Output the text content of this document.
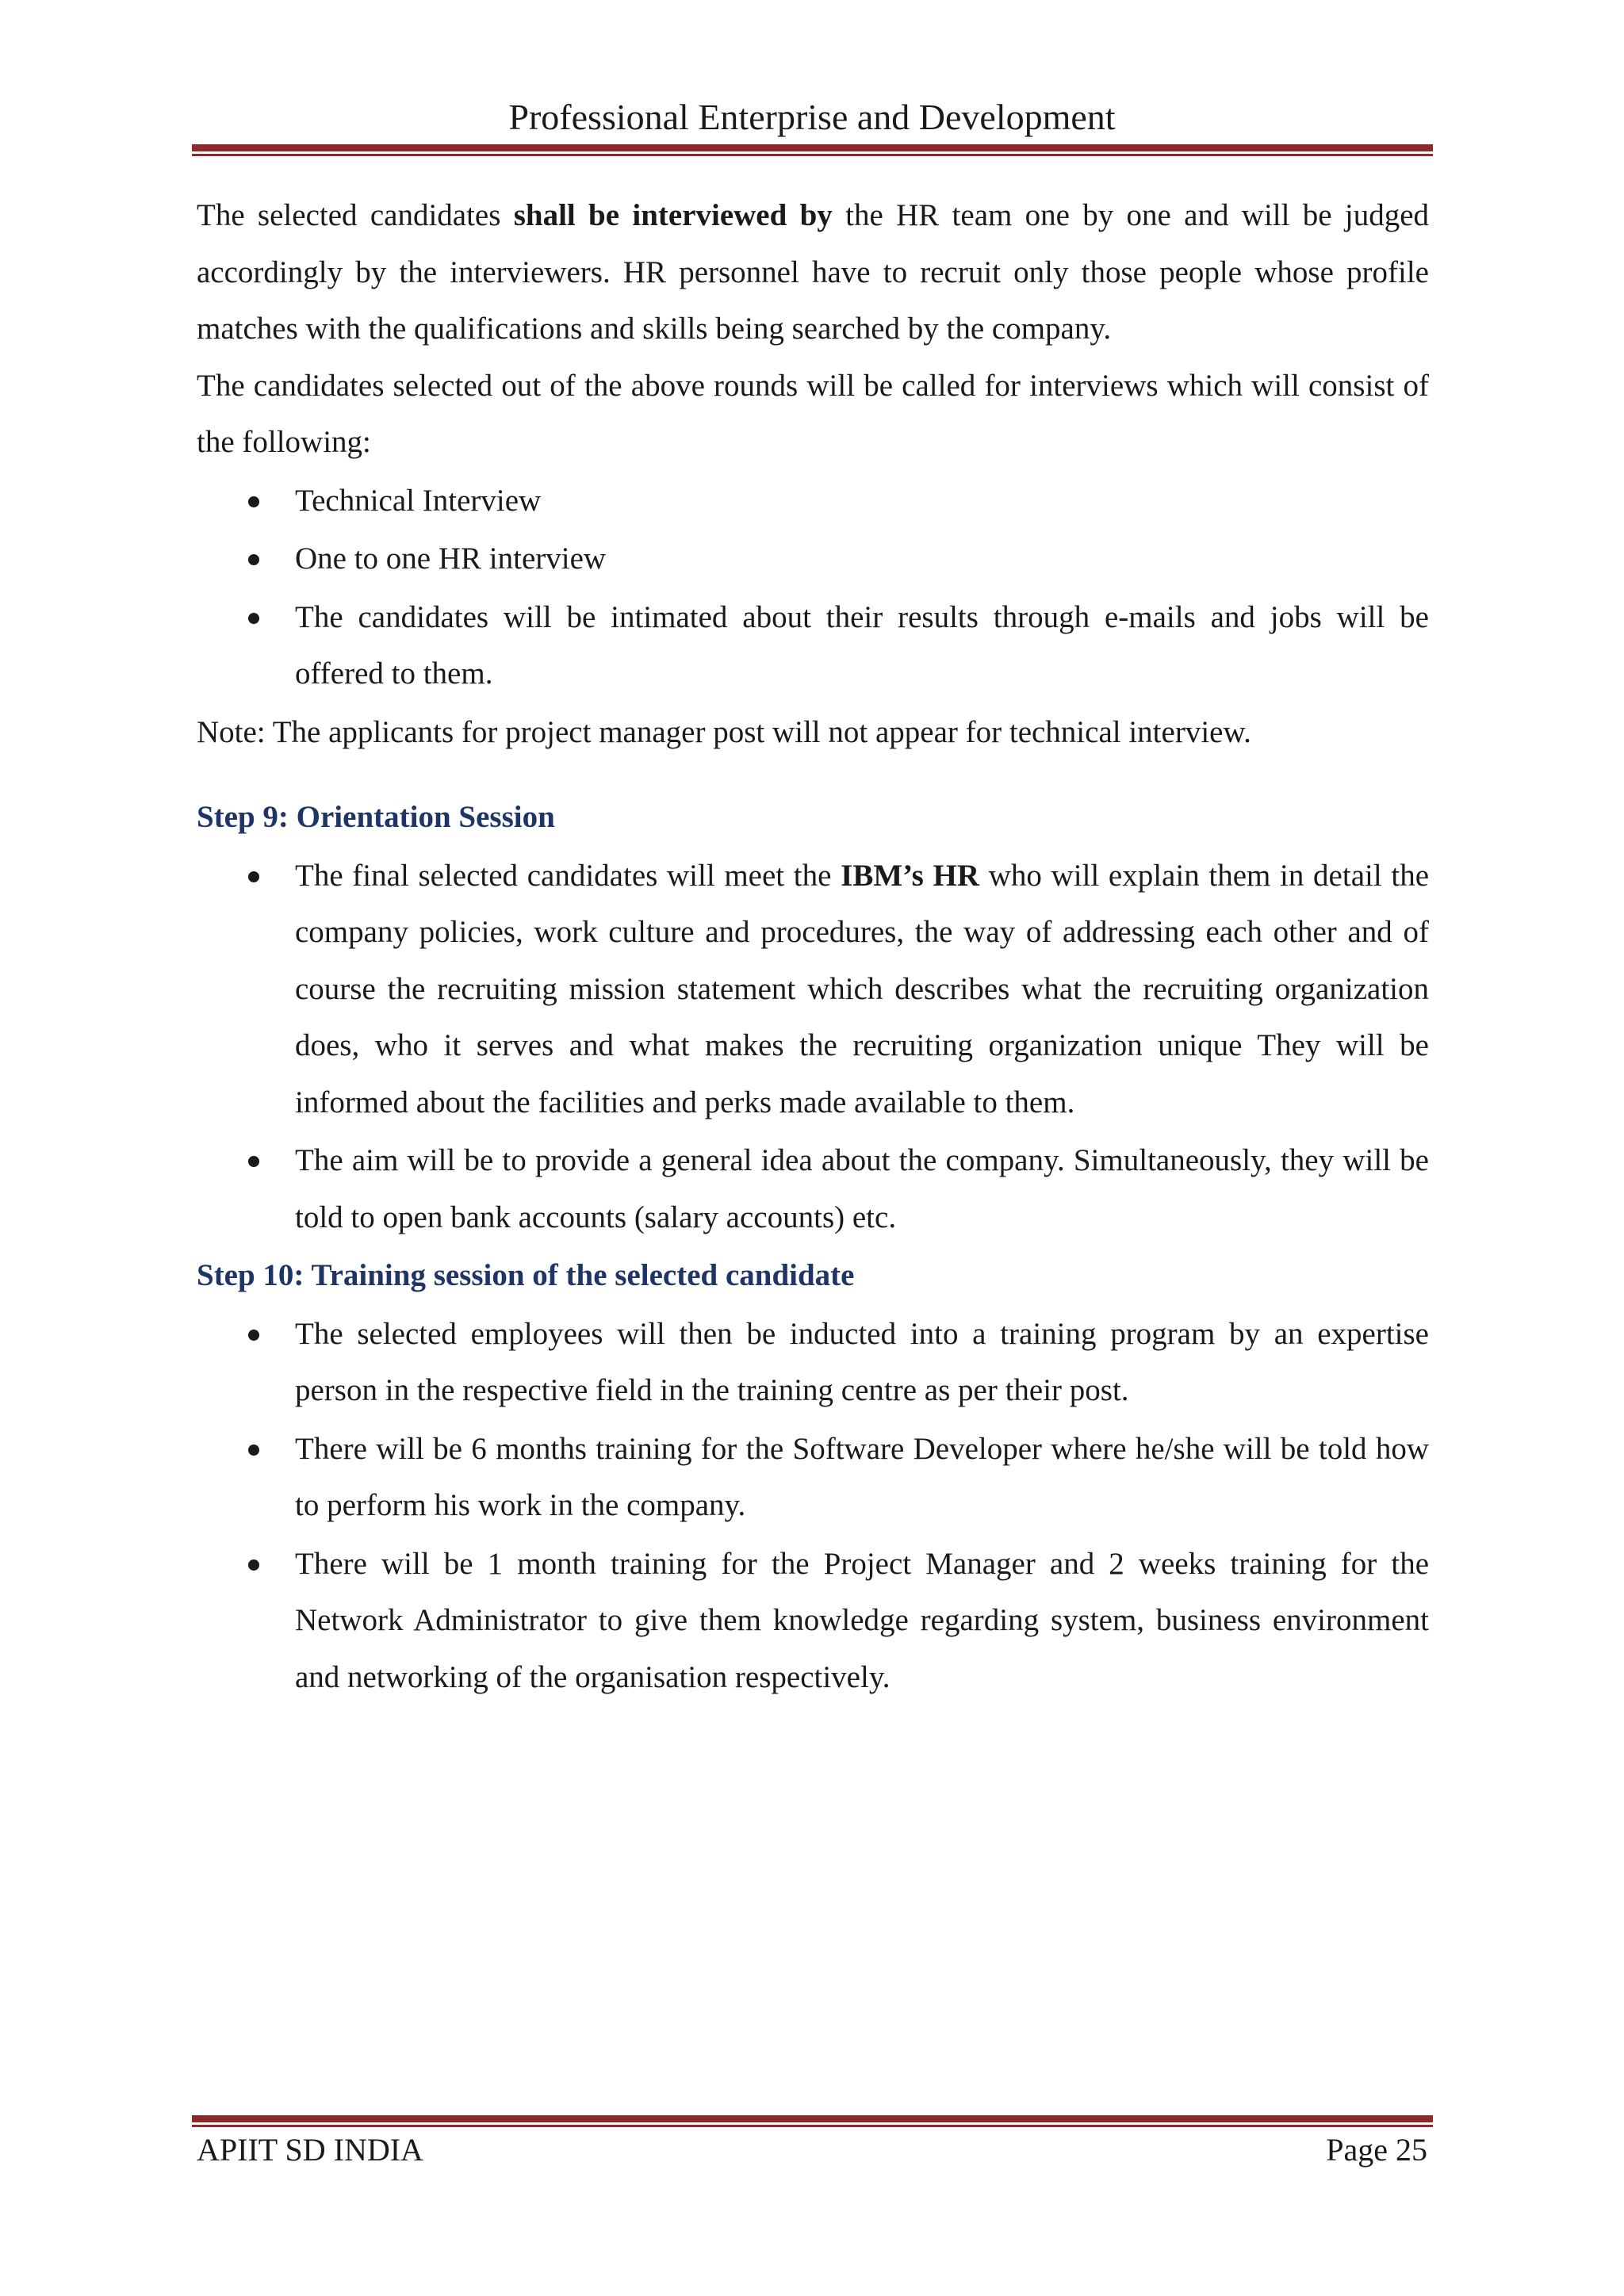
Professional Enterprise and Development

The selected candidates shall be interviewed by the HR team one by one and will be judged accordingly by the interviewers. HR personnel have to recruit only those people whose profile matches with the qualifications and skills being searched by the company.

The candidates selected out of the above rounds will be called for interviews which will consist of the following:

Technical Interview
One to one HR interview
The candidates will be intimated about their results through e-mails and jobs will be offered to them.

Note: The applicants for project manager post will not appear for technical interview.

Step 9: Orientation Session

The final selected candidates will meet the IBM’s HR who will explain them in detail the company policies, work culture and procedures, the way of addressing each other and of course the recruiting mission statement which describes what the recruiting organization does, who it serves and what makes the recruiting organization unique They will be informed about the facilities and perks made available to them.
The aim will be to provide a general idea about the company. Simultaneously, they will be told to open bank accounts (salary accounts) etc.

Step 10: Training session of the selected candidate

The selected employees will then be inducted into a training program by an expertise person in the respective field in the training centre as per their post.
There will be 6 months training for the Software Developer where he/she will be told how to perform his work in the company.
There will be 1 month training for the Project Manager and 2 weeks training for the Network Administrator to give them knowledge regarding system, business environment and networking of the organisation respectively.
APIIT SD INDIA	Page 25
